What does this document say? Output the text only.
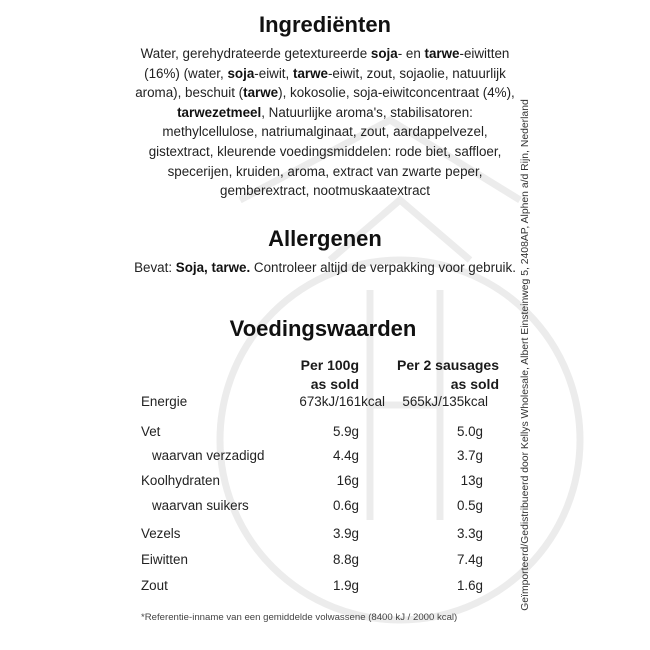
Ingrediënten
Water, gerehydrateerde getextureerde soja- en tarwe-eiwitten (16%) (water, soja-eiwit, tarwe-eiwit, zout, sojaolie, natuurlijk aroma), beschuit (tarwe), kokosolie, soja-eiwitconcentraat (4%), tarwezetmeel, Natuurlijke aroma's, stabilisatoren: methylcellulose, natriumalginaat, zout, aardappelvezel, gistextract, kleurende voedingsmiddelen: rode biet, saffloer, specerijen, kruiden, aroma, extract van zwarte peper, gemberextract, nootmuskaatextract
Allergenen
Bevat: Soja, tarwe. Controleer altijd de verpakking voor gebruik.
Voedingswaarden
Per 100g
as sold
Per 2 sausages
as sold
Energie	673kJ/161kcal 565kJ/135kcal
Vet	5.9g	5.0g
waarvan verzadigd	4.4g	3.7g
Koolhydraten	16g	13g
waarvan suikers	0.6g	0.5g
Vezels	3.9g	3.3g
Eiwitten	8.8g	7.4g
Zout	1.9g	1.6g
*Referentie-inname van een gemiddelde volwassene (8400 kJ / 2000 kcal)
Geïmporteerd/Gedistribueerd door Kellys Wholesale, Albert Einsteinweg 5, 2408AP, Alphen a/d Rijn, Nederland
